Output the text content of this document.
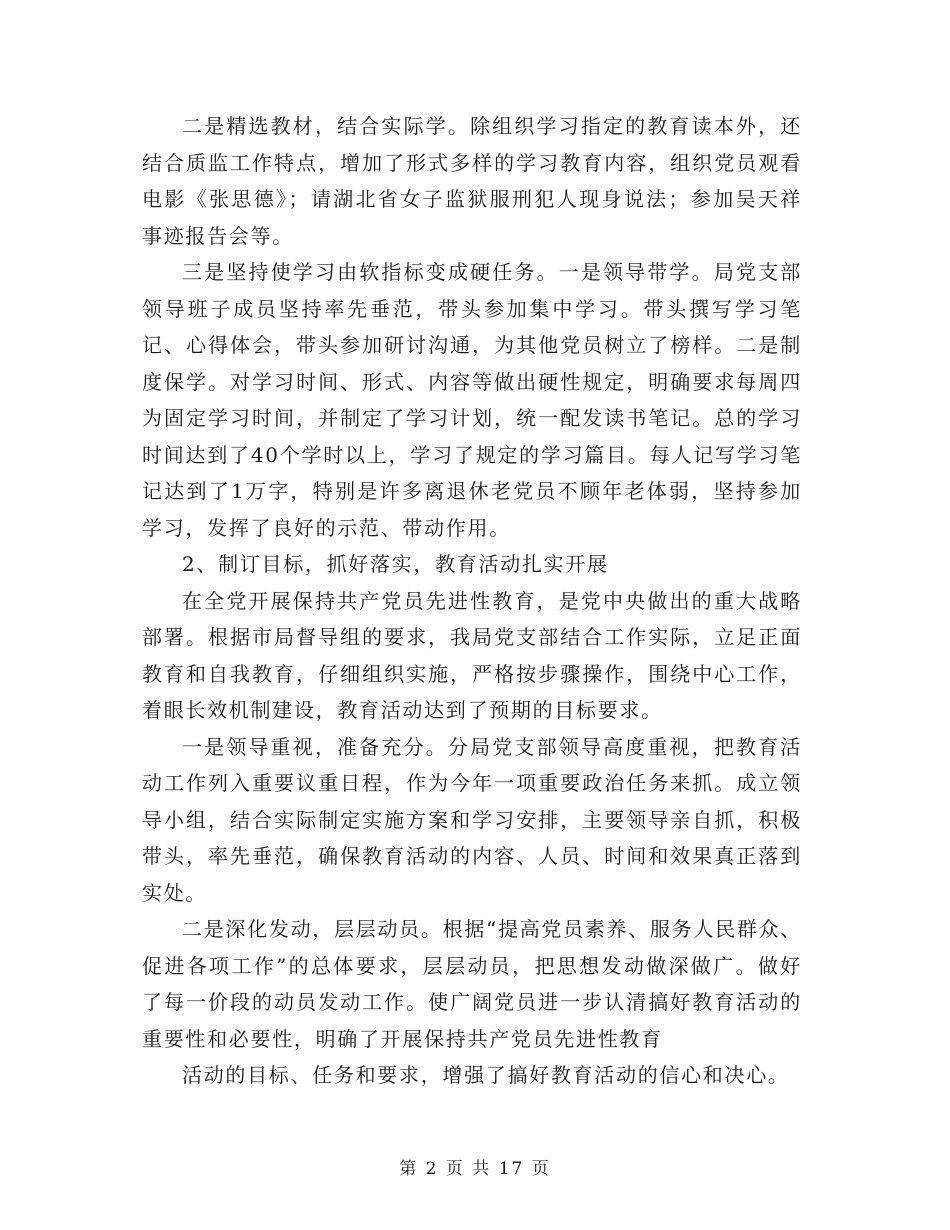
二是精选教材，结合实际学。除组织学习指定的教育读本外，还结合质监工作特点，增加了形式多样的学习教育内容，组织党员观看电影《张思德》；请湖北省女子监狱服刑犯人现身说法；参加吴天祥事迹报告会等。

三是坚持使学习由软指标变成硬任务。一是领导带学。局党支部领导班子成员坚持率先垂范，带头参加集中学习。带头撰写学习笔记、心得体会，带头参加研讨沟通，为其他党员树立了榜样。二是制度保学。对学习时间、形式、内容等做出硬性规定，明确要求每周四为固定学习时间，并制定了学习计划，统一配发读书笔记。总的学习时间达到了40个学时以上，学习了规定的学习篇目。每人记写学习笔记达到了1万字，特别是许多离退休老党员不顾年老体弱，坚持参加学习，发挥了良好的示范、带动作用。

2、制订目标，抓好落实，教育活动扎实开展

在全党开展保持共产党员先进性教育，是党中央做出的重大战略部署。根据市局督导组的要求，我局党支部结合工作实际，立足正面教育和自我教育，仔细组织实施，严格按步骤操作，围绕中心工作，着眼长效机制建设，教育活动达到了预期的目标要求。

一是领导重视，准备充分。分局党支部领导高度重视，把教育活动工作列入重要议重日程，作为今年一项重要政治任务来抓。成立领导小组，结合实际制定实施方案和学习安排，主要领导亲自抓，积极带头，率先垂范，确保教育活动的内容、人员、时间和效果真正落到实处。

二是深化发动，层层动员。根据“提高党员素养、服务人民群众、促进各项工作”的总体要求，层层动员，把思想发动做深做广。做好了每一价段的动员发动工作。使广阔党员进一步认清搞好教育活动的重要性和必要性，明确了开展保持共产党员先进性教育

活动的目标、任务和要求，增强了搞好教育活动的信心和决心。

第 2 页 共 17 页
